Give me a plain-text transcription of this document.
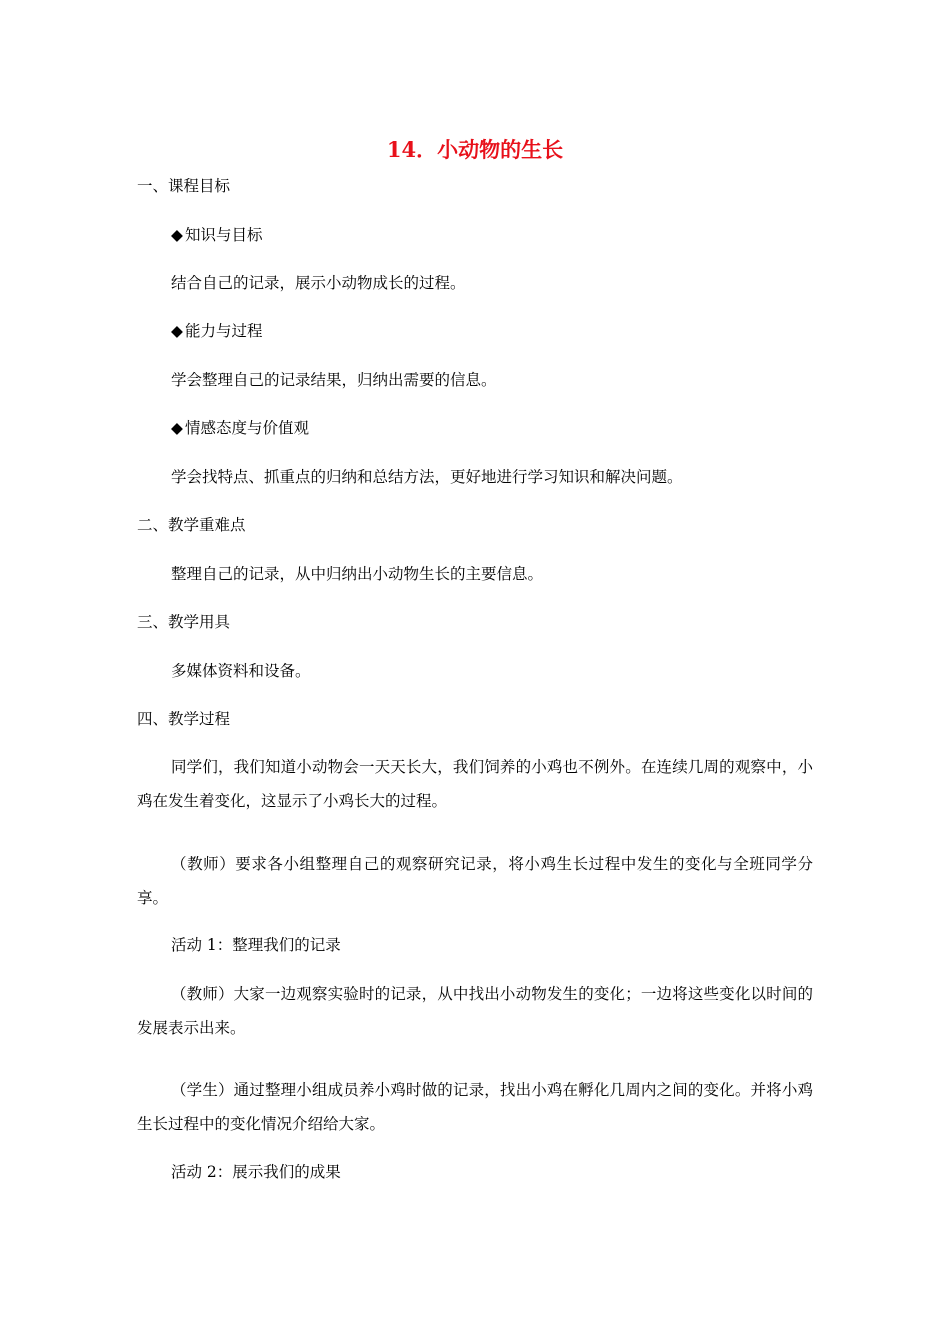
14．小动物的生长
一、课程目标
◆ 知识与目标
结合自己的记录，展示小动物成长的过程。
◆ 能力与过程
学会整理自己的记录结果，归纳出需要的信息。
◆ 情感态度与价值观
学会找特点、抓重点的归纳和总结方法，更好地进行学习知识和解决问题。
二、教学重难点
整理自己的记录，从中归纳出小动物生长的主要信息。
三、教学用具
多媒体资料和设备。
四、教学过程
同学们，我们知道小动物会一天天长大，我们饲养的小鸡也不例外。在连续几周的观察中，小鸡在发生着变化，这显示了小鸡长大的过程。
（教师）要求各小组整理自己的观察研究记录，将小鸡生长过程中发生的变化与全班同学分享。
活动 1：整理我们的记录
（教师）大家一边观察实验时的记录，从中找出小动物发生的变化；一边将这些变化以时间的发展表示出来。
（学生）通过整理小组成员养小鸡时做的记录，找出小鸡在孵化几周内之间的变化。并将小鸡生长过程中的变化情况介绍给大家。
活动 2：展示我们的成果
